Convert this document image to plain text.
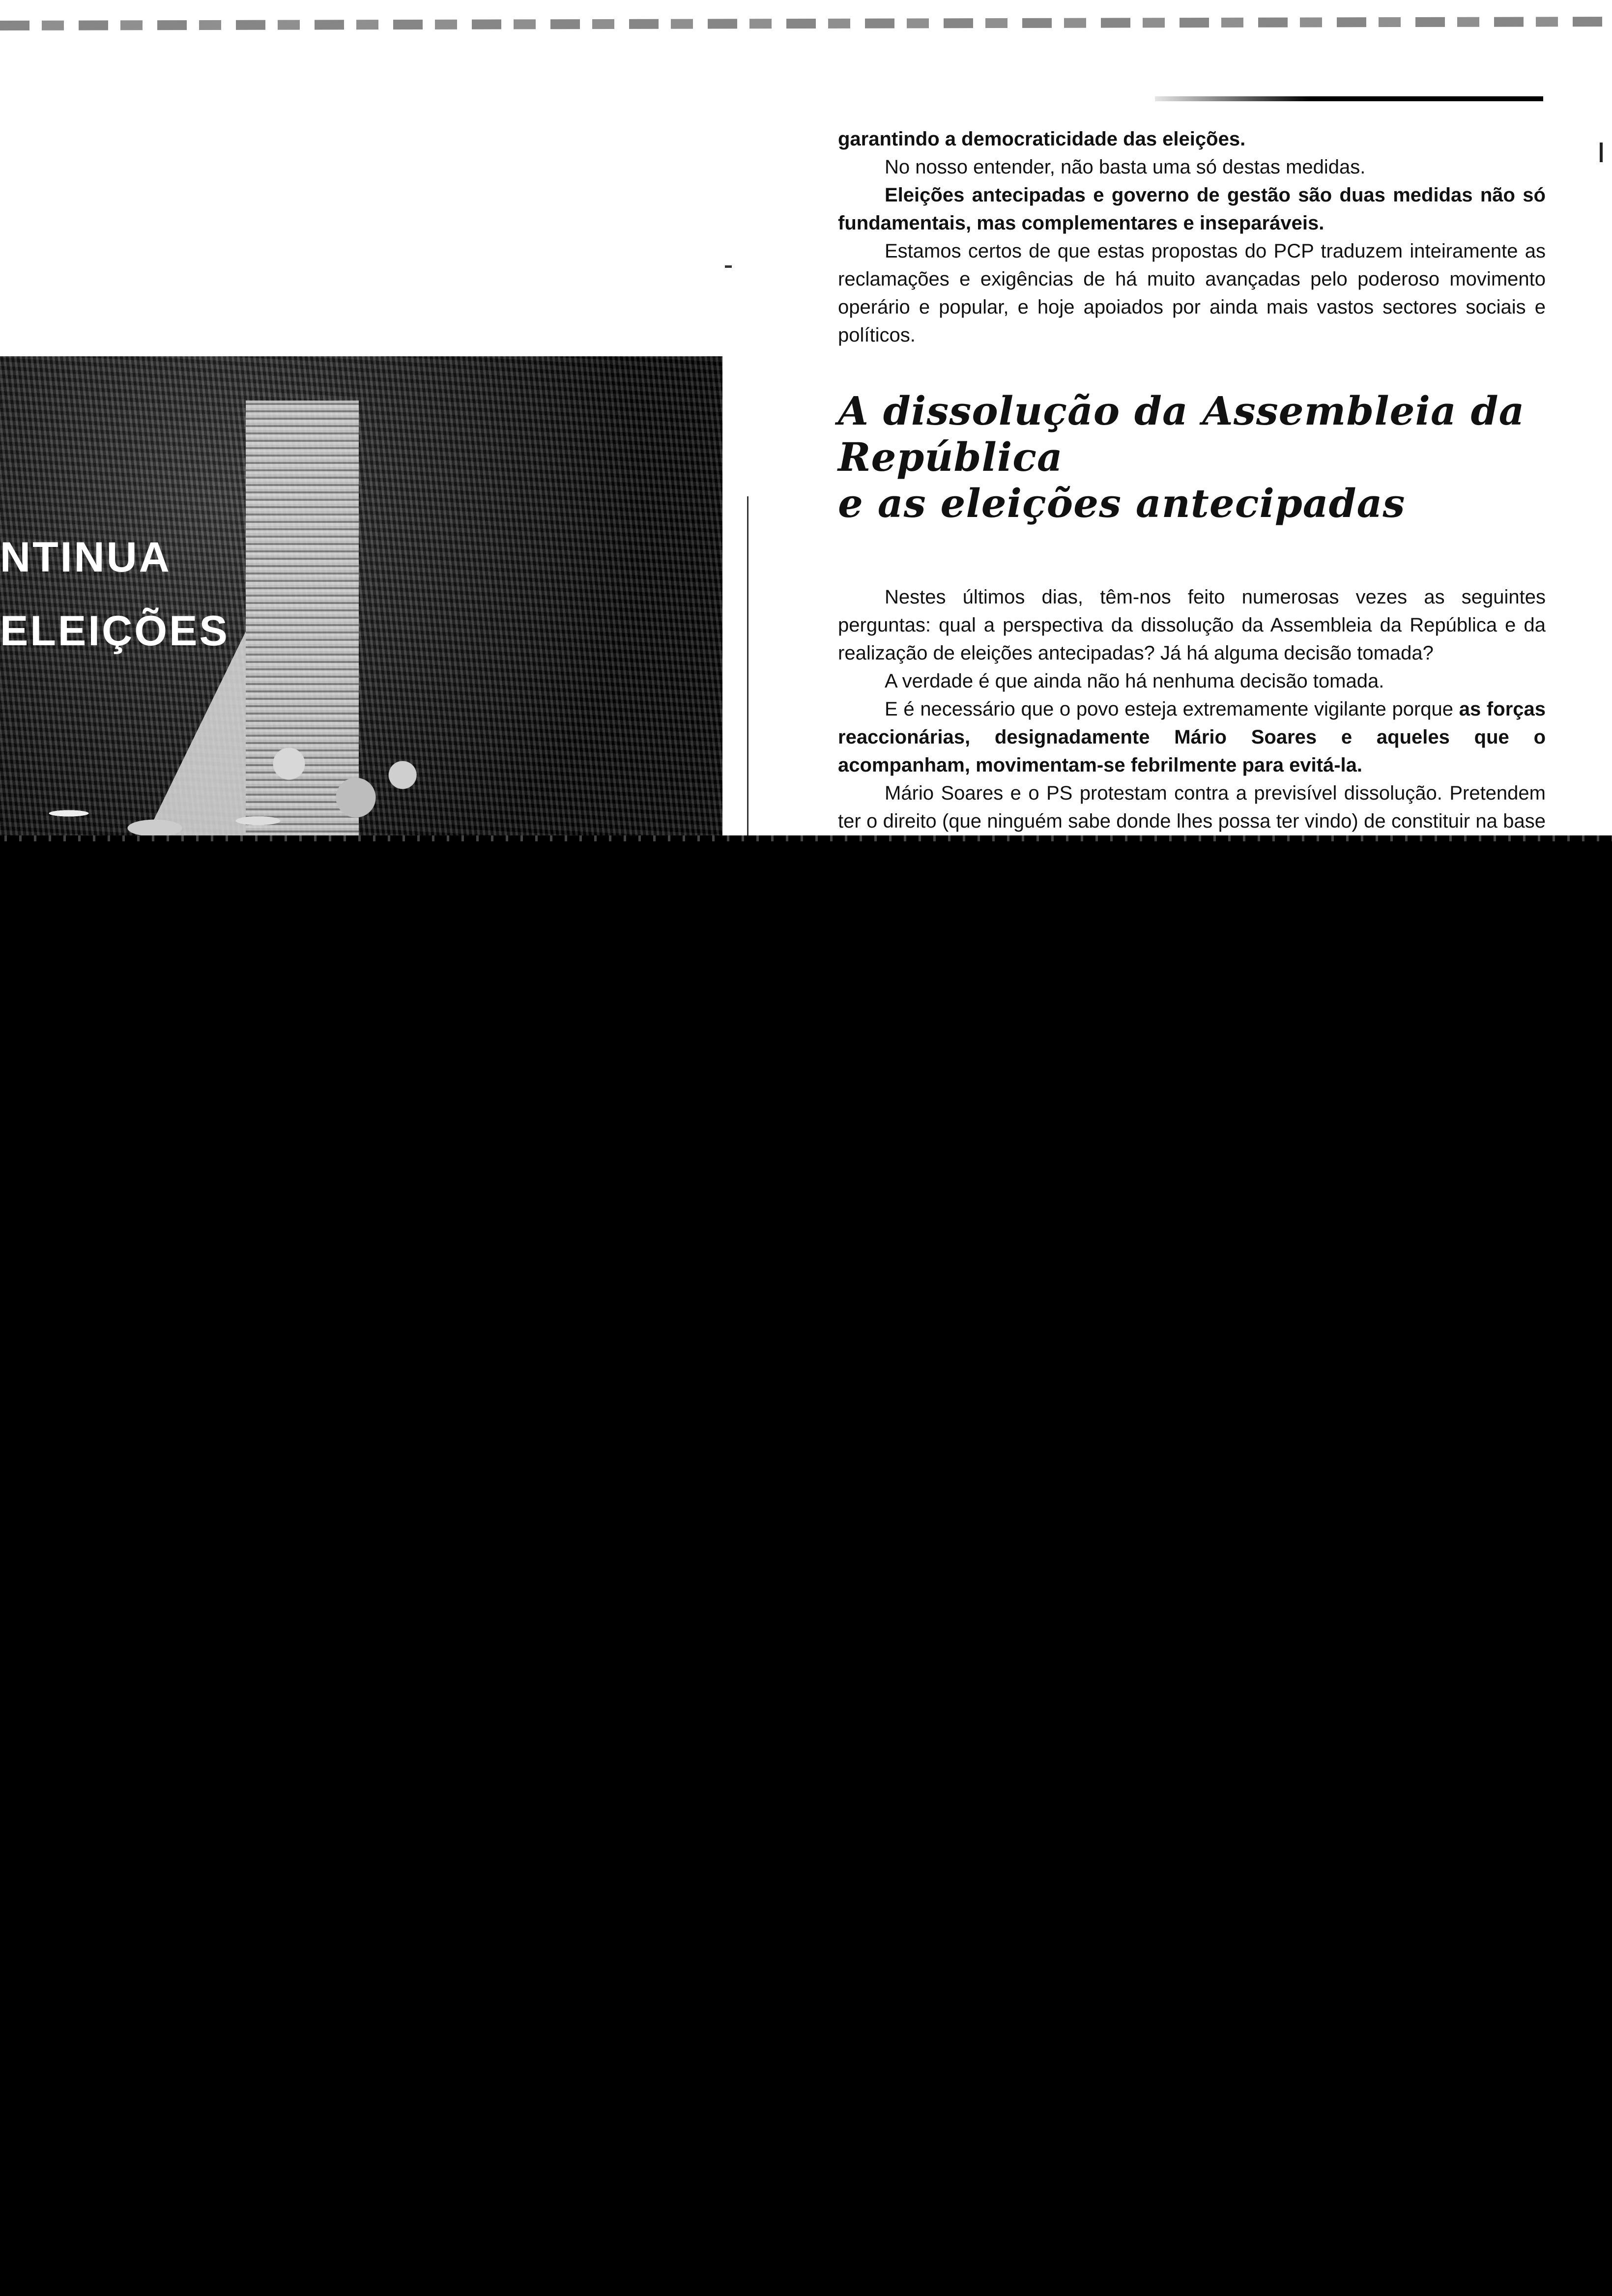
NTINUA
ELEIÇÕES

garantindo a democraticidade das eleições.

No nosso entender, não basta uma só destas medidas.

Eleições antecipadas e governo de gestão são duas medidas não só fundamentais, mas complementares e inseparáveis.

Estamos certos de que estas propostas do PCP traduzem inteiramente as reclamações e exigências de há muito avançadas pelo poderoso movimento operário e popular, e hoje apoiados por ainda mais vastos sectores sociais e políticos.

A dissolução da Assembleia da República
e as eleições antecipadas

Nestes últimos dias, têm-nos feito numerosas vezes as seguintes perguntas: qual a perspectiva da dissolução da Assembleia da República e da realização de eleições antecipadas? Já há alguma decisão tomada?

A verdade é que ainda não há nenhuma decisão tomada.

E é necessário que o povo esteja extremamente vigilante porque as forças reaccionárias, designadamente Mário Soares e aqueles que o acompanham, movimentam-se febrilmente para evitá-la.

Mário Soares e o PS protestam contra a previsível dissolução. Pretendem ter o direito (que ninguém sabe donde lhes possa ter vindo) de constituir na base
